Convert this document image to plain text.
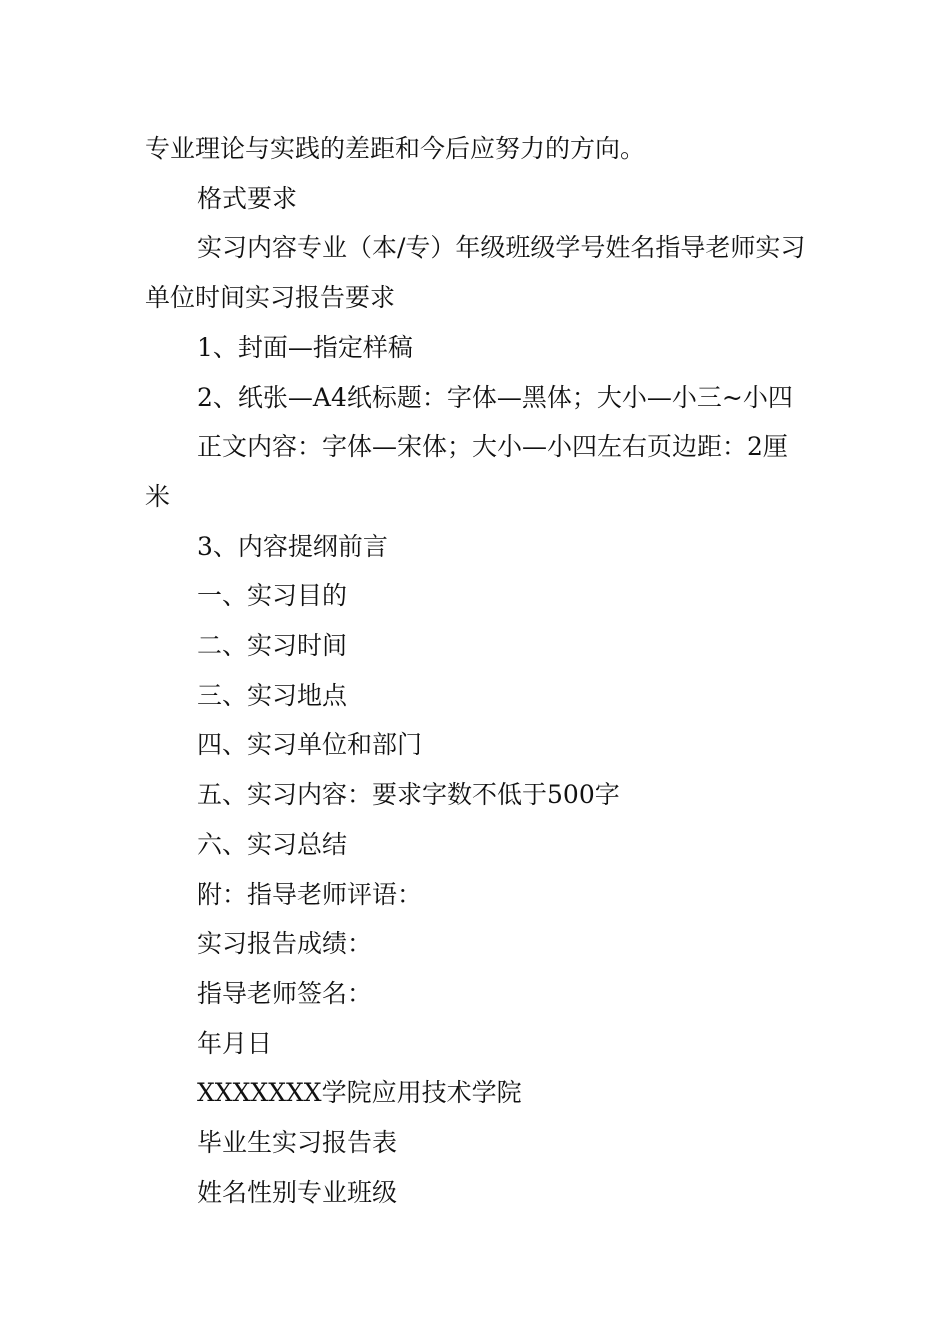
专业理论与实践的差距和今后应努力的方向。

格式要求

实习内容专业（本/专）年级班级学号姓名指导老师实习单位时间实习报告要求

1、封面—指定样稿

2、纸张—A4纸标题：字体—黑体；大小—小三~小四

正文内容：字体—宋体；大小—小四左右页边距：2厘米

3、内容提纲前言

一、实习目的

二、实习时间

三、实习地点

四、实习单位和部门

五、实习内容：要求字数不低于500字

六、实习总结

附：指导老师评语：

实习报告成绩：

指导老师签名：

年月日

XXXXXXX学院应用技术学院

毕业生实习报告表

姓名性别专业班级
